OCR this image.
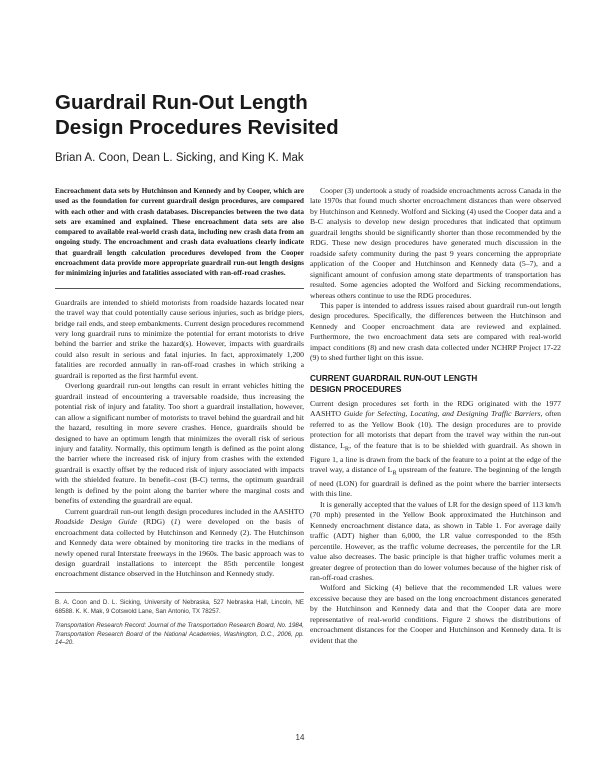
Guardrail Run-Out Length
Design Procedures Revisited
Brian A. Coon, Dean L. Sicking, and King K. Mak

Encroachment data sets by Hutchinson and Kennedy and by Cooper, which are used as the foundation for current guardrail design procedures, are compared with each other and with crash databases. Discrepancies between the two data sets are examined and explained. These encroachment data sets are also compared to available real-world crash data, including new crash data from an ongoing study. The encroachment and crash data evaluations clearly indicate that guardrail length calculation procedures developed from the Cooper encroachment data provide more appropriate guardrail run-out length designs for minimizing injuries and fatalities associated with ran-off-road crashes.

Guardrails are intended to shield motorists from roadside hazards located near the travel way that could potentially cause serious injuries, such as bridge piers, bridge rail ends, and steep embankments. Current design procedures recommend very long guardrail runs to minimize the potential for errant motorists to drive behind the barrier and strike the hazard(s). However, impacts with guardrails could also result in serious and fatal injuries. In fact, approximately 1,200 fatalities are recorded annually in ran-off-road crashes in which striking a guardrail is reported as the first harmful event.

Overlong guardrail run-out lengths can result in errant vehicles hitting the guardrail instead of encountering a traversable roadside, thus increasing the potential risk of injury and fatality. Too short a guardrail installation, however, can allow a significant number of motorists to travel behind the guardrail and hit the hazard, resulting in more severe crashes. Hence, guardrails should be designed to have an optimum length that minimizes the overall risk of serious injury and fatality. Normally, this optimum length is defined as the point along the barrier where the increased risk of injury from crashes with the extended guardrail is exactly offset by the reduced risk of injury associated with impacts with the shielded feature. In benefit–cost (B-C) terms, the optimum guardrail length is defined by the point along the barrier where the marginal costs and benefits of extending the guardrail are equal.

Current guardrail run-out length design procedures included in the AASHTO Roadside Design Guide (RDG) (1) were developed on the basis of encroachment data collected by Hutchinson and Kennedy (2). The Hutchinson and Kennedy data were obtained by monitoring tire tracks in the medians of newly opened rural Interstate freeways in the 1960s. The basic approach was to design guardrail installations to intercept the 85th percentile longest encroachment distance observed in the Hutchinson and Kennedy study.

B. A. Coon and D. L. Sicking, University of Nebraska, 527 Nebraska Hall, Lincoln, NE 68588. K. K. Mak, 9 Cotswold Lane, San Antonio, TX 78257.

Transportation Research Record: Journal of the Transportation Research Board, No. 1984, Transportation Research Board of the National Academies, Washington, D.C., 2006, pp. 14–20.

Cooper (3) undertook a study of roadside encroachments across Canada in the late 1970s that found much shorter encroachment distances than were observed by Hutchinson and Kennedy. Wolford and Sicking (4) used the Cooper data and a B-C analysis to develop new design procedures that indicated that optimum guardrail lengths should be significantly shorter than those recommended by the RDG. These new design procedures have generated much discussion in the roadside safety community during the past 9 years concerning the appropriate application of the Cooper and Hutchinson and Kennedy data (5–7), and a significant amount of confusion among state departments of transportation has resulted. Some agencies adopted the Wolford and Sicking recommendations, whereas others continue to use the RDG procedures.

This paper is intended to address issues raised about guardrail run-out length design procedures. Specifically, the differences between the Hutchinson and Kennedy and Cooper encroachment data are reviewed and explained. Furthermore, the two encroachment data sets are compared with real-world impact conditions (8) and new crash data collected under NCHRP Project 17-22 (9) to shed further light on this issue.

CURRENT GUARDRAIL RUN-OUT LENGTH
DESIGN PROCEDURES

Current design procedures set forth in the RDG originated with the 1977 AASHTO Guide for Selecting, Locating, and Designing Traffic Barriers, often referred to as the Yellow Book (10). The design procedures are to provide protection for all motorists that depart from the travel way within the run-out distance, $L_R$, of the feature that is to be shielded with guardrail. As shown in Figure 1, a line is drawn from the back of the feature to a point at the edge of the travel way, a distance of $L_R$ upstream of the feature. The beginning of the length of need (LON) for guardrail is defined as the point where the barrier intersects with this line.

It is generally accepted that the values of LR for the design speed of 113 km/h (70 mph) presented in the Yellow Book approximated the Hutchinson and Kennedy encroachment distance data, as shown in Table 1. For average daily traffic (ADT) higher than 6,000, the LR value corresponded to the 85th percentile. However, as the traffic volume decreases, the percentile for the LR value also decreases. The basic principle is that higher traffic volumes merit a greater degree of protection than do lower volumes because of the higher risk of ran-off-road crashes.

Wolford and Sicking (4) believe that the recommended LR values were excessive because they are based on the long encroachment distances generated by the Hutchinson and Kennedy data and that the Cooper data are more representative of real-world conditions. Figure 2 shows the distributions of encroachment distances for the Cooper and Hutchinson and Kennedy data. It is evident that the

14
